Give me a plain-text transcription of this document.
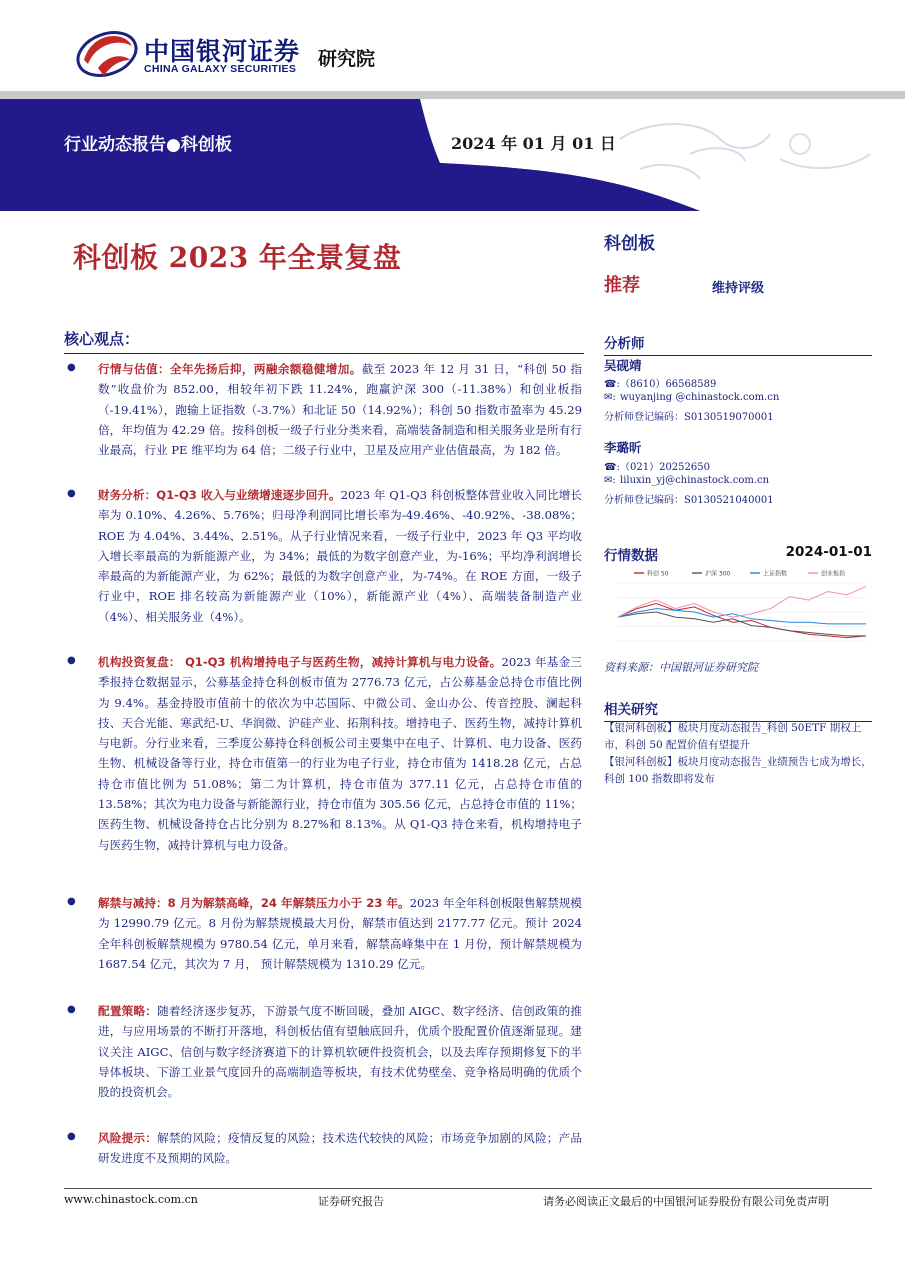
中国银河证券
CHINA GALAXY SECURITIES 研究院
行业动态报告●科创板	2024 年 01 月 01 日
科创板 2023 年全景复盘	科创板
推荐	维持评级
分析师
吴砚靖
☎:（8610）66568589
✉: wuyanjing @chinastock.com.cn
分析师登记编码：S0130519070001
李璐昕
☎:（021）20252650
✉: liluxin_yj@chinastock.com.cn
分析师登记编码：S0130521040001
行情数据	2024-01-01
科创 50	沪深 300	上证指数	创业板指
资料来源：中国银河证券研究院
相关研究
【银河科创板】板块月度动态报告_科创 50ETF 期权上市，科创 50 配置价值有望提升
【银河科创板】板块月度动态报告_业绩预告七成为增长，科创 100 指数即将发布
核心观点：
● 行情与估值：全年先扬后抑，两融余额稳健增加。截至 2023 年 12 月 31 日，“科创 50 指数”收盘价为 852.00，相较年初下跌 11.24%，跑赢沪深 300（-11.38%）和创业板指（-19.41%），跑输上证指数（-3.7%）和北证 50（14.92%）；科创 50 指数市盈率为 45.29 倍，年均值为 42.29 倍。按科创板一级子行业分类来看，高端装备制造和相关服务业是所有行业最高，行业 PE 维平均为 64 倍；二级子行业中，卫星及应用产业估值最高，为 182 倍。

● 财务分析：Q1-Q3 收入与业绩增速逐步回升。2023 年 Q1-Q3 科创板整体营业收入同比增长率为 0.10%、4.26%、5.76%；归母净利润同比增长率为-49.46%、-40.92%、-38.08%； ROE 为 4.04%、3.44%、2.51%。从子行业情况来看，一级子行业中，2023 年 Q3 平均收入增长率最高的为新能源产业，为 34%；最低的为数字创意产业，为-16%；平均净利润增长率最高的为新能源产业，为 62%；最低的为数字创意产业，为-74%。在 ROE 方面，一级子行业中，ROE 排名较高为新能源产业（10%），新能源产业（4%）、高端装备制造产业（4%）、相关服务业（4%）。

● 机构投资复盘： Q1-Q3 机构增持电子与医药生物，减持计算机与电力设备。2023 年基金三季报持仓数据显示，公募基金持仓科创板市值为 2776.73 亿元，占公募基金总持仓市值比例为 9.4%。基金持股市值前十的依次为中芯国际、中微公司、金山办公、传音控股、澜起科技、天合光能、寒武纪-U、华润微、沪硅产业、拓荆科技。增持电子、医药生物，减持计算机与电新。分行业来看，三季度公募持仓科创板公司主要集中在电子、计算机、电力设备、医药生物、机械设备等行业，持仓市值第一的行业为电子行业，持仓市值为 1418.28 亿元，占总持仓市值比例为 51.08%；第二为计算机，持仓市值为 377.11 亿元，占总持仓市值的 13.58%；其次为电力设备与新能源行业，持仓市值为 305.56 亿元，占总持仓市值的 11%；医药生物、机械设备持仓占比分别为 8.27%和 8.13%。从 Q1-Q3 持仓来看，机构增持电子与医药生物，减持计算机与电力设备。

● 解禁与减持：8 月为解禁高峰，24 年解禁压力小于 23 年。2023 年全年科创板限售解禁规模为 12990.79 亿元。8 月份为解禁规模最大月份，解禁市值达到 2177.77 亿元。预计 2024 全年科创板解禁规模为 9780.54 亿元，单月来看，解禁高峰集中在 1 月份，预计解禁规模为 1687.54 亿元，其次为 7 月， 预计解禁规模为 1310.29 亿元。

● 配置策略：随着经济逐步复苏，下游景气度不断回暖，叠加 AIGC、数字经济、信创政策的推进，与应用场景的不断打开落地，科创板估值有望触底回升，优质个股配置价值逐渐显现。建议关注 AIGC、信创与数字经济赛道下的计算机软硬件投资机会，以及去库存预期修复下的半导体板块、下游工业景气度回升的高端制造等板块，有技术优势壁垒、竞争格局明确的优质个股的投资机会。

● 风险提示：解禁的风险；疫情反复的风险；技术迭代较快的风险；市场竞争加剧的风险；产品研发进度不及预期的风险。

www.chinastock.com.cn	证券研究报告	请务必阅读正文最后的中国银河证券股份有限公司免责声明
